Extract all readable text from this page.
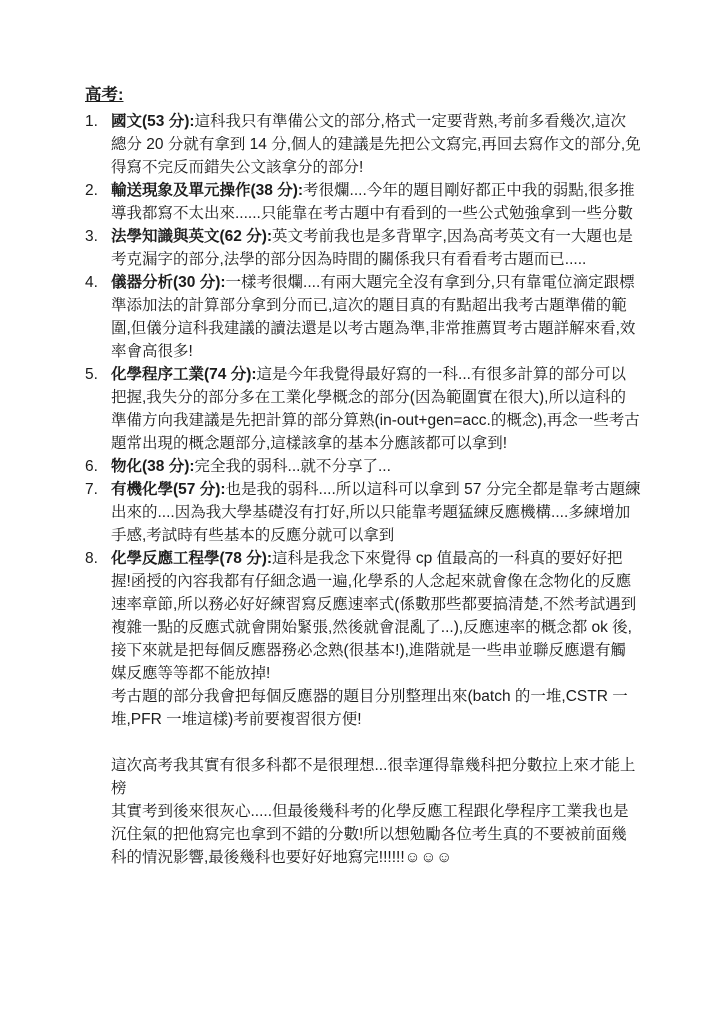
高考:
1. 國文(53 分):這科我只有準備公文的部分,格式一定要背熟,考前多看幾次,這次總分 20 分就有拿到 14 分,個人的建議是先把公文寫完,再回去寫作文的部分,免得寫不完反而錯失公文該拿分的部分!
2. 輸送現象及單元操作(38 分):考很爛....今年的題目剛好都正中我的弱點,很多推導我都寫不太出來......只能靠在考古題中有看到的一些公式勉強拿到一些分數
3. 法學知識與英文(62 分):英文考前我也是多背單字,因為高考英文有一大題也是考克漏字的部分,法學的部分因為時間的關係我只有看看考古題而已.....
4. 儀器分析(30 分):一樣考很爛....有兩大題完全沒有拿到分,只有靠電位滴定跟標準添加法的計算部分拿到分而已,這次的題目真的有點超出我考古題準備的範圍,但儀分這科我建議的讀法還是以考古題為準,非常推薦買考古題詳解來看,效率會高很多!
5. 化學程序工業(74 分):這是今年我覺得最好寫的一科...有很多計算的部分可以把握,我失分的部分多在工業化學概念的部分(因為範圍實在很大),所以這科的準備方向我建議是先把計算的部分算熟(in-out+gen=acc.的概念),再念一些考古題常出現的概念題部分,這樣該拿的基本分應該都可以拿到!
6. 物化(38 分):完全我的弱科...就不分享了...
7. 有機化學(57 分):也是我的弱科....所以這科可以拿到 57 分完全都是靠考古題練出來的....因為我大學基礎沒有打好,所以只能靠考題猛練反應機構....多練增加手感,考試時有些基本的反應分就可以拿到
8. 化學反應工程學(78 分):這科是我念下來覺得 cp 值最高的一科真的要好好把握!函授的內容我都有仔細念過一遍,化學系的人念起來就會像在念物化的反應速率章節,所以務必好好練習寫反應速率式(係數那些都要搞清楚,不然考試遇到複雜一點的反應式就會開始緊張,然後就會混亂了...),反應速率的概念都 ok 後,接下來就是把每個反應器務必念熟(很基本!),進階就是一些串並聯反應還有觸媒反應等等都不能放掉!
考古題的部分我會把每個反應器的題目分別整理出來(batch 的一堆,CSTR 一堆,PFR 一堆這樣)考前要複習很方便!

這次高考我其實有很多科都不是很理想...很幸運得靠幾科把分數拉上來才能上榜

其實考到後來很灰心.....但最後幾科考的化學反應工程跟化學程序工業我也是沉住氣的把他寫完也拿到不錯的分數!所以想勉勵各位考生真的不要被前面幾科的情況影響,最後幾科也要好好地寫完!!!!!!☺☺☺
